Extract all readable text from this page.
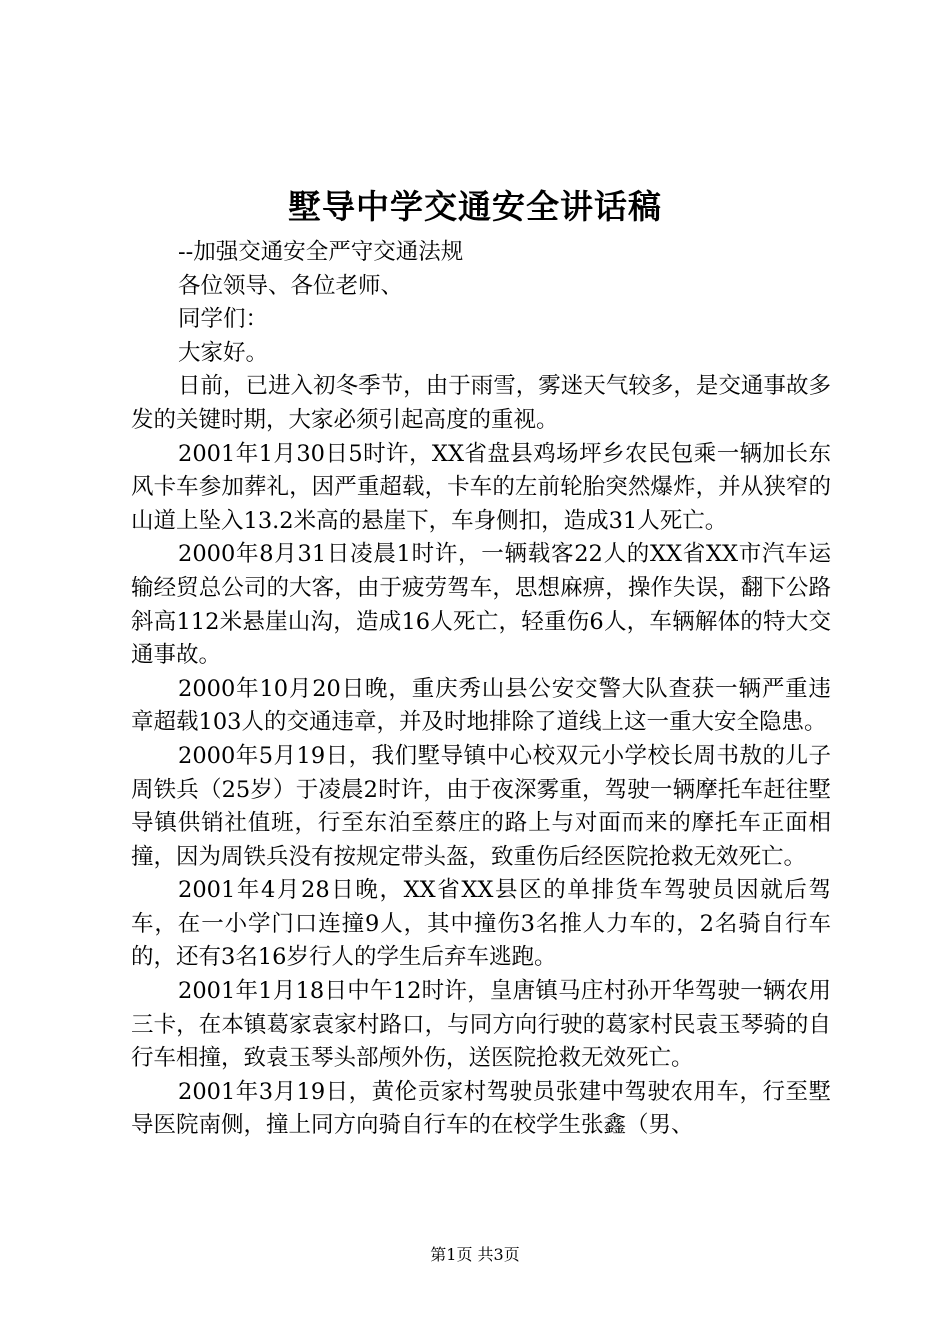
墅导中学交通安全讲话稿
--加强交通安全严守交通法规
各位领导、各位老师、
同学们：
大家好。

日前，已进入初冬季节，由于雨雪，雾迷天气较多，是交通事故多发的关键时期，大家必须引起高度的重视。

2001年1月30日5时许，XX省盘县鸡场坪乡农民包乘一辆加长东风卡车参加葬礼，因严重超载，卡车的左前轮胎突然爆炸，并从狭窄的山道上坠入13.2米高的悬崖下，车身侧扣，造成31人死亡。

2000年8月31日凌晨1时许，一辆载客22人的XX省XX市汽车运输经贸总公司的大客，由于疲劳驾车，思想麻痹，操作失误，翻下公路斜高112米悬崖山沟，造成16人死亡，轻重伤6人，车辆解体的特大交通事故。

2000年10月20日晚，重庆秀山县公安交警大队查获一辆严重违章超载103人的交通违章，并及时地排除了道线上这一重大安全隐患。

2000年5月19日，我们墅导镇中心校双元小学校长周书敖的儿子周铁兵（25岁）于凌晨2时许，由于夜深雾重，驾驶一辆摩托车赶往墅导镇供销社值班，行至东泊至蔡庄的路上与对面而来的摩托车正面相撞，因为周铁兵没有按规定带头盔，致重伤后经医院抢救无效死亡。

2001年4月28日晚，XX省XX县区的单排货车驾驶员因就后驾车，在一小学门口连撞9人，其中撞伤3名推人力车的，2名骑自行车的，还有3名16岁行人的学生后弃车逃跑。

2001年1月18日中午12时许，皇唐镇马庄村孙开华驾驶一辆农用三卡，在本镇葛家袁家村路口，与同方向行驶的葛家村民袁玉琴骑的自行车相撞，致袁玉琴头部颅外伤，送医院抢救无效死亡。

2001年3月19日，黄伦贡家村驾驶员张建中驾驶农用车，行至墅导医院南侧，撞上同方向骑自行车的在校学生张鑫（男、

第1页 共3页
